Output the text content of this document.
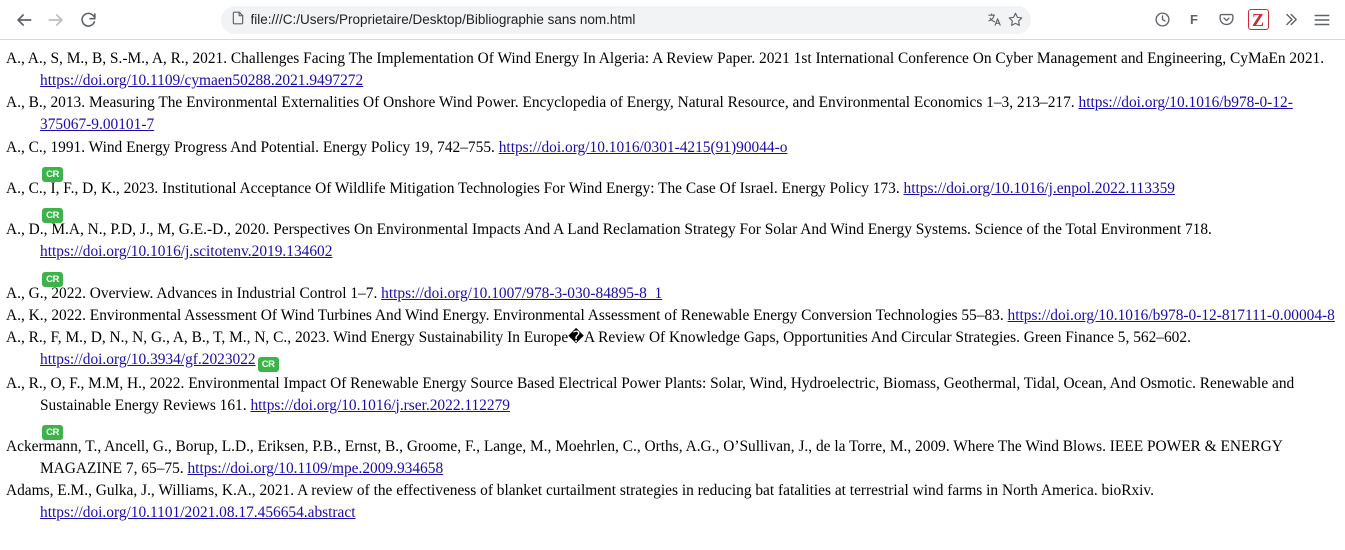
file:///C:/Users/Proprietaire/Desktop/Bibliographie sans nom.html	F	Z
A., A., S, M., B, S.-M., A, R., 2021. Challenges Facing The Implementation Of Wind Energy In Algeria: A Review Paper. 2021 1st International Conference On Cyber Management and Engineering, CyMaEn 2021. https://doi.org/10.1109/cymaen50288.2021.9497272
A., B., 2013. Measuring The Environmental Externalities Of Onshore Wind Power. Encyclopedia of Energy, Natural Resource, and Environmental Economics 1–3, 213–217. https://doi.org/10.1016/b978-0-12-375067-9.00101-7
A., C., 1991. Wind Energy Progress And Potential. Energy Policy 19, 742–755. https://doi.org/10.1016/0301-4215(91)90044-o
CR
A., C., I, F., D, K., 2023. Institutional Acceptance Of Wildlife Mitigation Technologies For Wind Energy: The Case Of Israel. Energy Policy 173. https://doi.org/10.1016/j.enpol.2022.113359
CR
A., D., M.A, N., P.D, J., M, G.E.-D., 2020. Perspectives On Environmental Impacts And A Land Reclamation Strategy For Solar And Wind Energy Systems. Science of the Total Environment 718. https://doi.org/10.1016/j.scitotenv.2019.134602
CR
A., G., 2022. Overview. Advances in Industrial Control 1–7. https://doi.org/10.1007/978-3-030-84895-8_1
A., K., 2022. Environmental Assessment Of Wind Turbines And Wind Energy. Environmental Assessment of Renewable Energy Conversion Technologies 55–83. https://doi.org/10.1016/b978-0-12-817111-0.00004-8
A., R., F, M., D, N., N, G., A, B., T, M., N, C., 2023. Wind Energy Sustainability In Europe�A Review Of Knowledge Gaps, Opportunities And Circular Strategies. Green Finance 5, 562–602. https://doi.org/10.3934/gf.2023022 CR
A., R., O, F., M.M, H., 2022. Environmental Impact Of Renewable Energy Source Based Electrical Power Plants: Solar, Wind, Hydroelectric, Biomass, Geothermal, Tidal, Ocean, And Osmotic. Renewable and Sustainable Energy Reviews 161. https://doi.org/10.1016/j.rser.2022.112279
CR
Ackermann, T., Ancell, G., Borup, L.D., Eriksen, P.B., Ernst, B., Groome, F., Lange, M., Moehrlen, C., Orths, A.G., O’Sullivan, J., de la Torre, M., 2009. Where The Wind Blows. IEEE POWER & ENERGY MAGAZINE 7, 65–75. https://doi.org/10.1109/mpe.2009.934658
Adams, E.M., Gulka, J., Williams, K.A., 2021. A review of the effectiveness of blanket curtailment strategies in reducing bat fatalities at terrestrial wind farms in North America. bioRxiv. https://doi.org/10.1101/2021.08.17.456654.abstract
